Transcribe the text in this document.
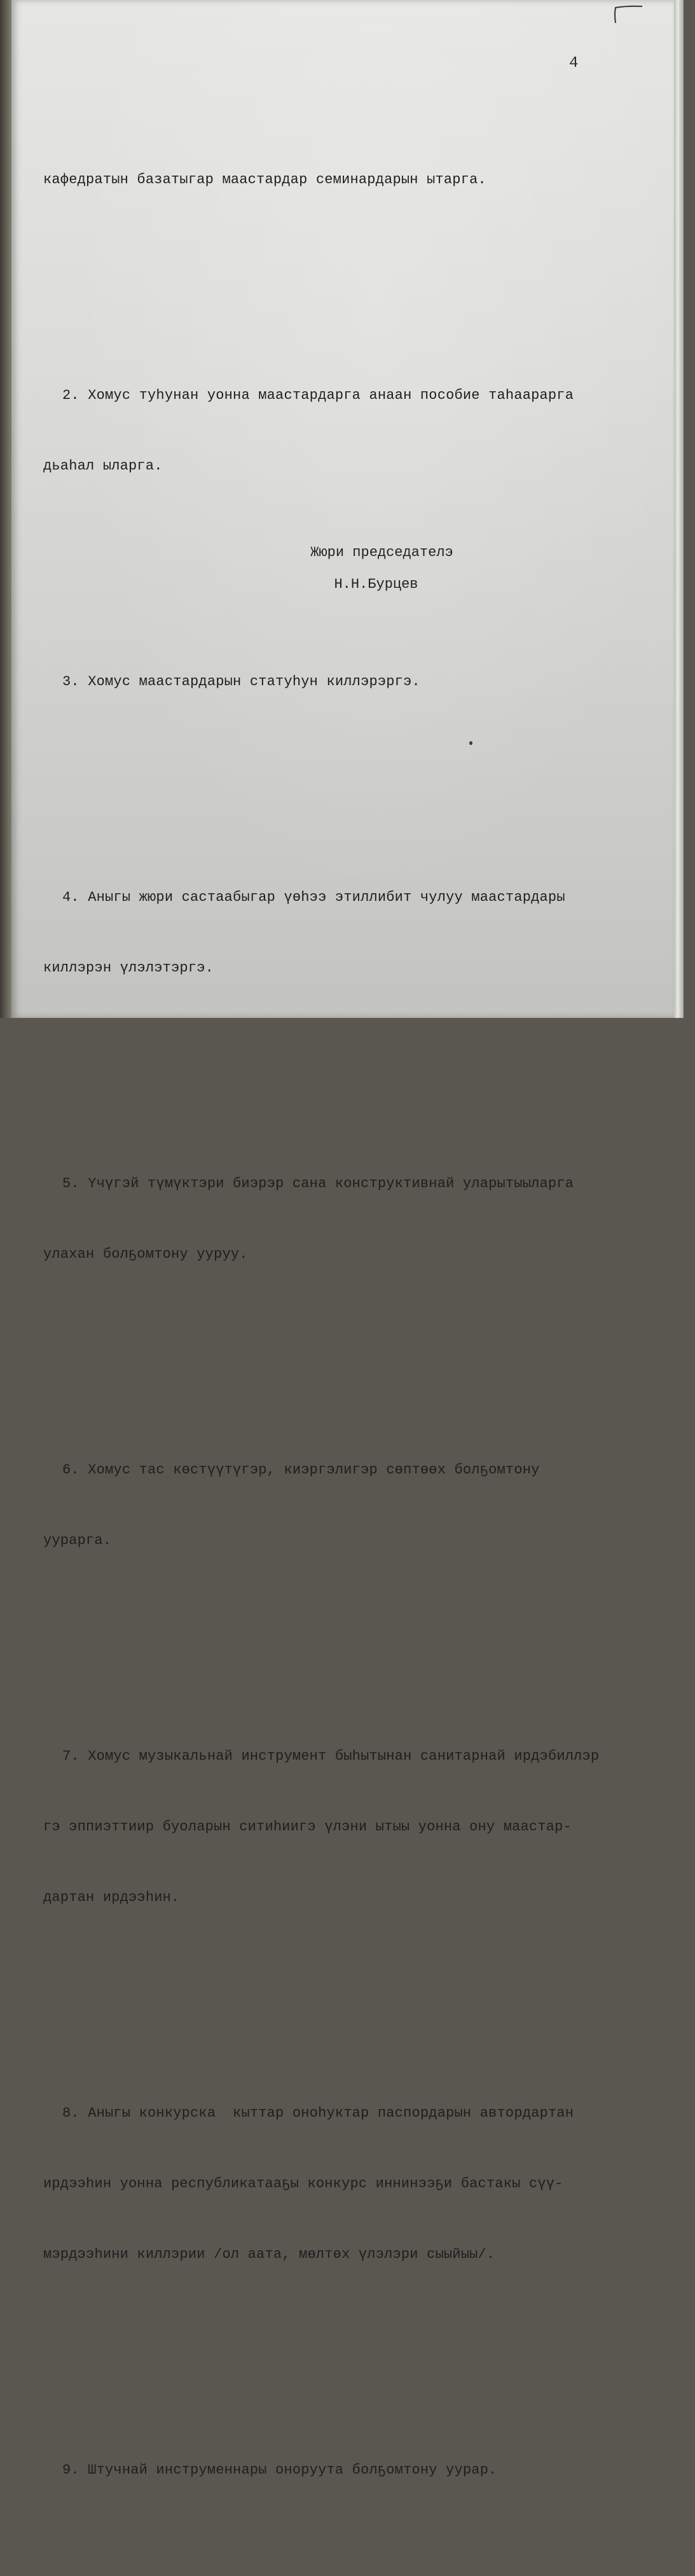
4

кафедратын базатыгар маастардар семинардарын ытарга.

2. Хомус туhунан уонна маастардарга анаан пособие таhаарарга

дьаhал ыларга.

3. Хомус маастардарын статуhун киллэрэргэ.

4. Аныгы жюри састаабыгар үөhээ этиллибит чулуу маастардары

киллэрэн үлэлэтэргэ.

5. Үчүгэй түмүктэри биэрэр сана конструктивнай уларытыыларга

улахан болҕомтону ууруу.

6. Хомус тас көстүүтүгэр, киэргэлигэр сөптөөх болҕомтону

уурарга.

7. Хомус музыкальнай инструмент быhытынан санитарнай ирдэбиллэр

гэ эппиэттиир буоларын ситиhиигэ үлэни ытыы уонна ону маастар-

дартан ирдээhин.

8. Аныгы конкурска  кыттар оноhуктар паспордарын автордартан

ирдээhин уонна республикатааҕы конкурс иннинээҕи бастакы сүү-

мэрдээhини киллэрии /ол аата, мөлтөх үлэлэри сыыйыы/.

9. Штучнай инструменнары оноруута болҕомтону уурар.

Жюри председателэ
Н.Н.Бурцев
